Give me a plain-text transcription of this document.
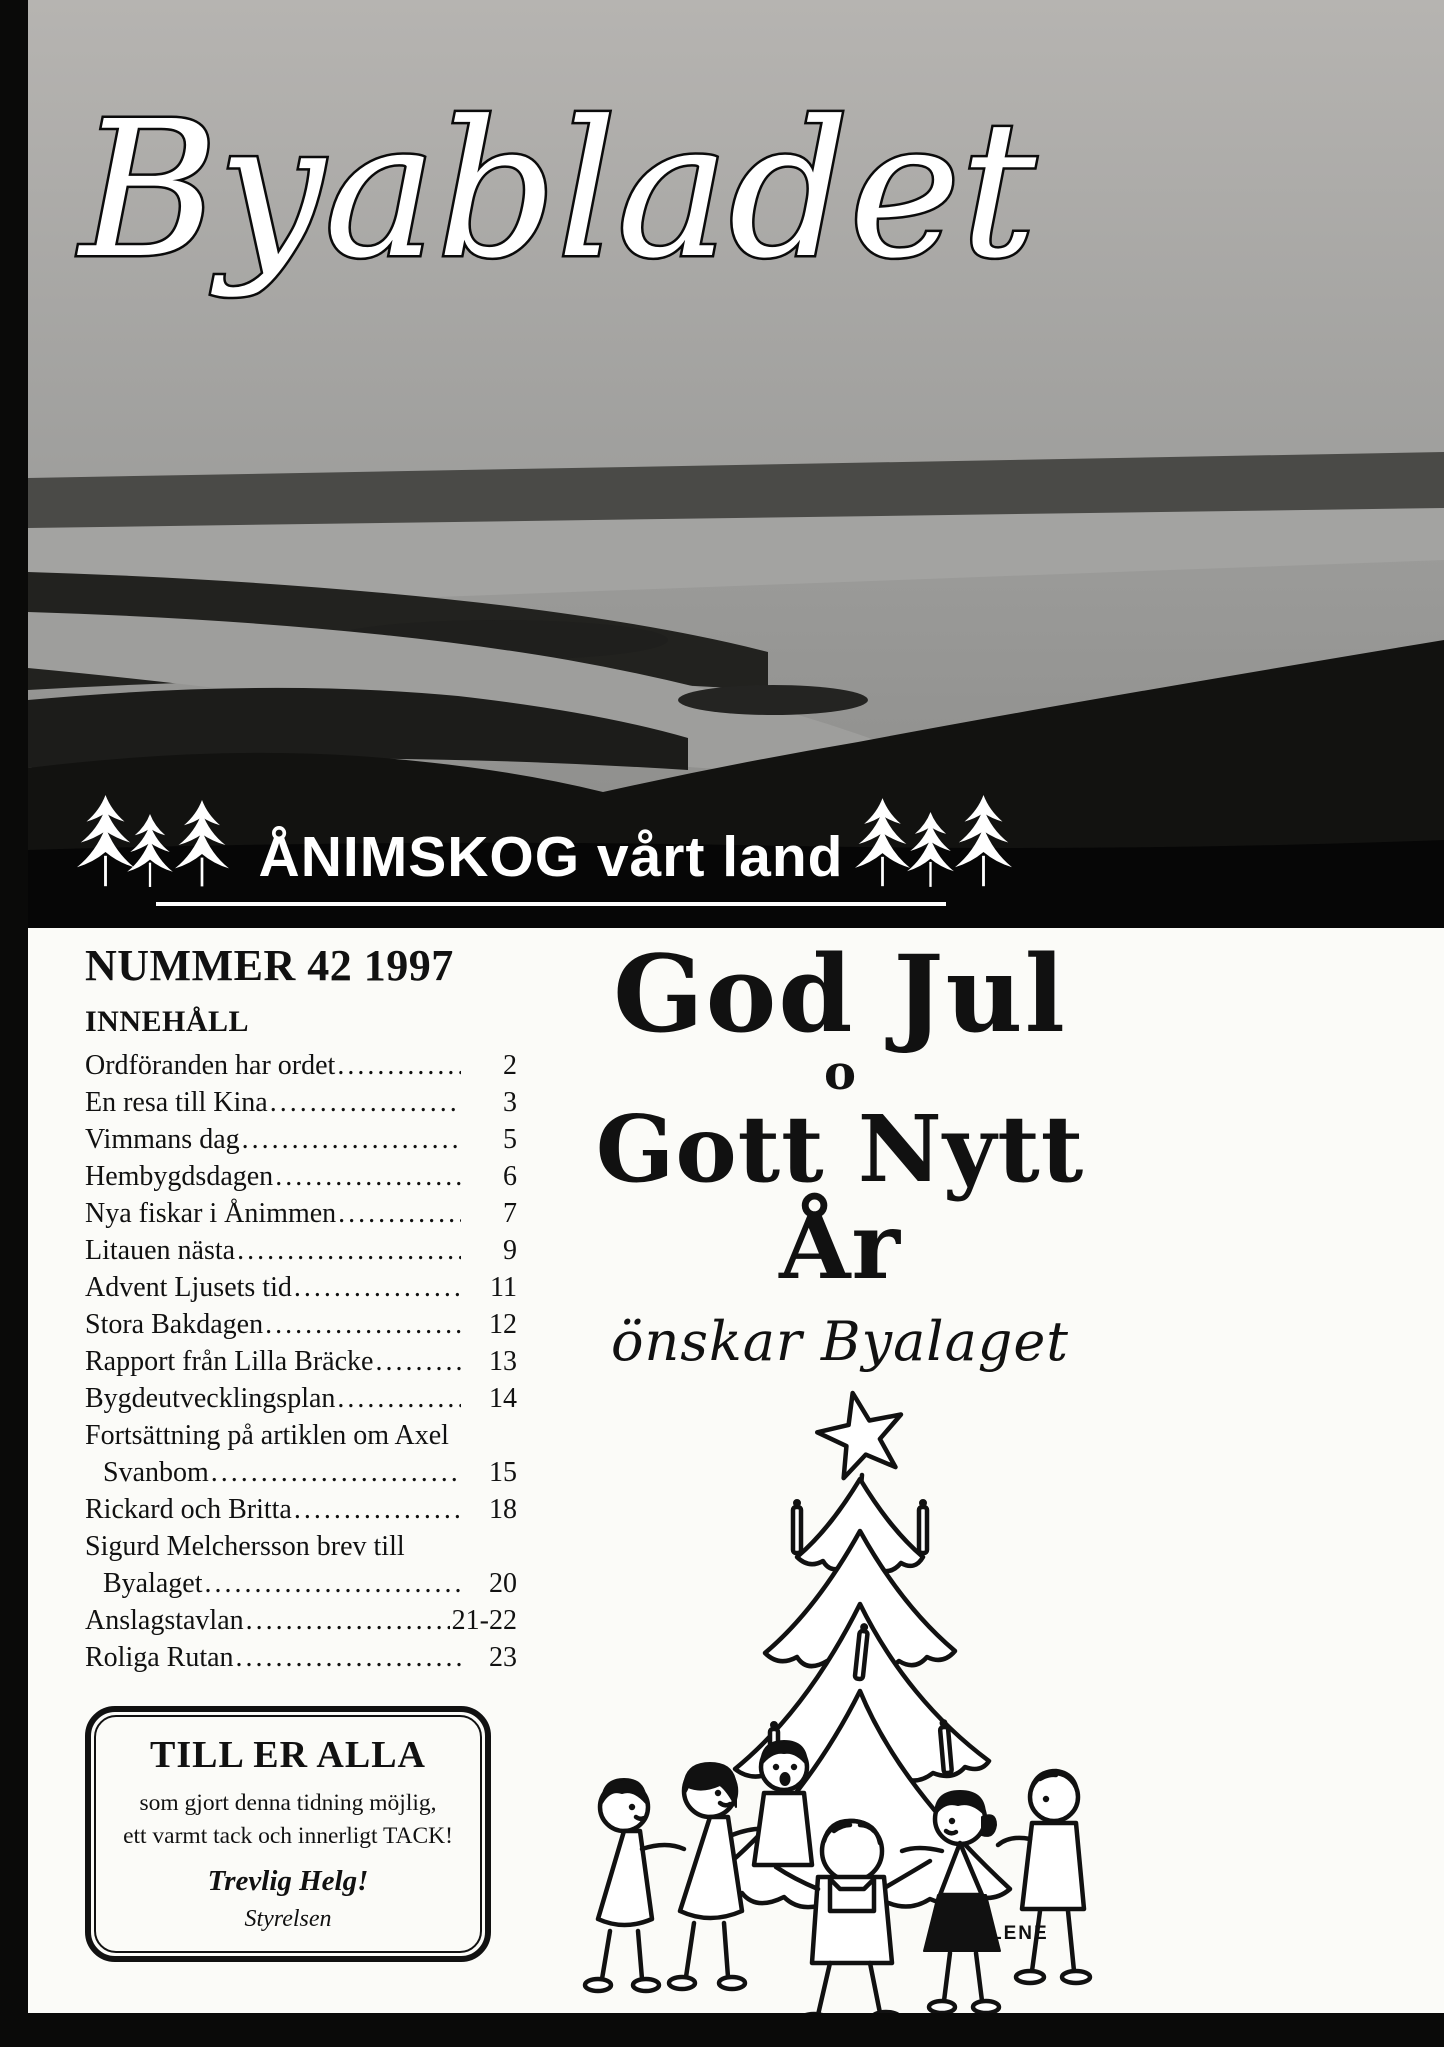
Byabladet
ÅNIMSKOG vårt land
NUMMER 42 1997
INNEHÅLL
Ordföranden har ordet .....	2
En resa till Kina .....	3
Vimmans dag .....	5
Hembygdsdagen .....	6
Nya fiskar i Ånimmen .....	7
Litauen nästa .....	9
Advent Ljusets tid .....	11
Stora Bakdagen .....	12
Rapport från Lilla Bräcke .....	13
Bygdeutvecklingsplan .....	14
Fortsättning på artiklen om Axel
Svanbom .....	15
Rickard och Britta .....	18
Sigurd Melchersson brev till
Byalaget .....	20
Anslagstavlan .....	21-22
Roliga Rutan .....	23
TILL ER ALLA
som gjort denna tidning möjlig,
ett varmt tack och innerligt TACK!
Trevlig Helg!
Styrelsen
God Jul
o
Gott Nytt År
önskar Byalaget
LENE
